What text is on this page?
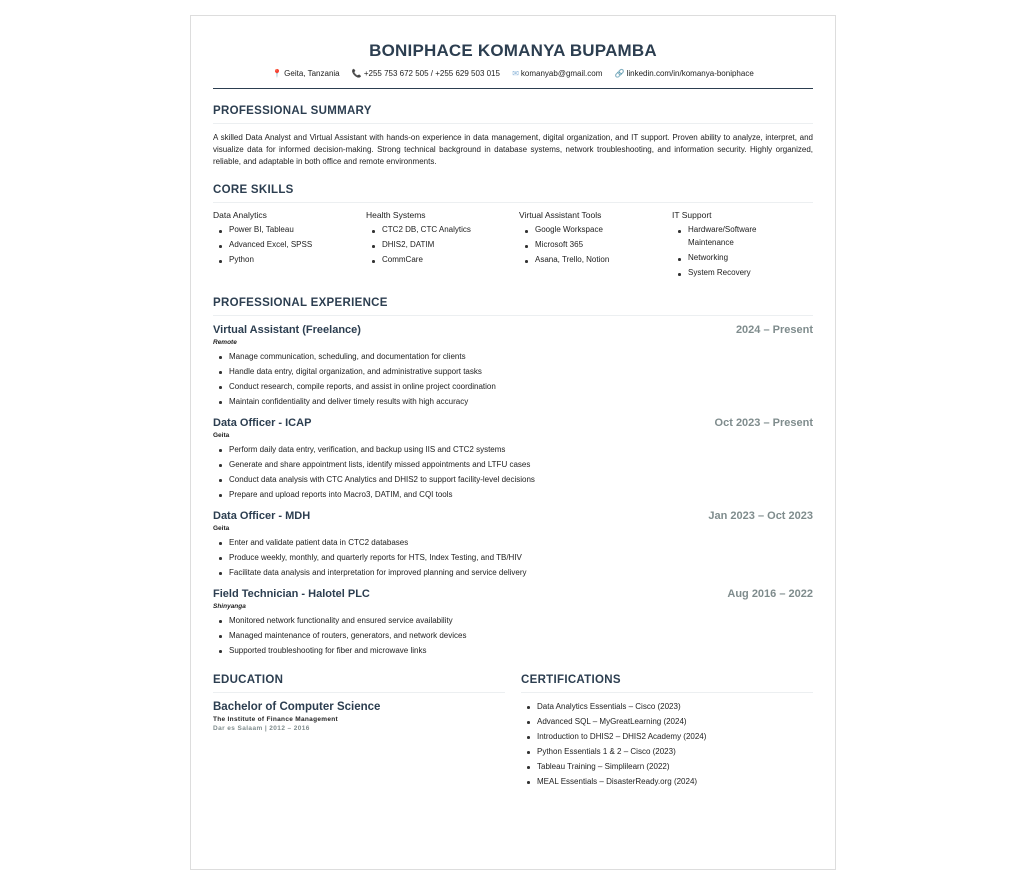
BONIPHACE KOMANYA BUPAMBA
📍 Geita, Tanzania 📞 +255 753 672 505 / +255 629 503 015 ✉ komanyab@gmail.com 🔗 linkedin.com/in/komanya-boniphace
PROFESSIONAL SUMMARY
A skilled Data Analyst and Virtual Assistant with hands-on experience in data management, digital organization, and IT support. Proven ability to analyze, interpret, and visualize data for informed decision-making. Strong technical background in database systems, network troubleshooting, and information security. Highly organized, reliable, and adaptable in both office and remote environments.
CORE SKILLS
Data Analytics
Power BI, Tableau
Advanced Excel, SPSS
Python
Health Systems
CTC2 DB, CTC Analytics
DHIS2, DATIM
CommCare
Virtual Assistant Tools
Google Workspace
Microsoft 365
Asana, Trello, Notion
IT Support
Hardware/Software Maintenance
Networking
System Recovery
PROFESSIONAL EXPERIENCE
Virtual Assistant (Freelance)	2024 – Present
Remote
Manage communication, scheduling, and documentation for clients
Handle data entry, digital organization, and administrative support tasks
Conduct research, compile reports, and assist in online project coordination
Maintain confidentiality and deliver timely results with high accuracy
Data Officer - ICAP	Oct 2023 – Present
Geita
Perform daily data entry, verification, and backup using IIS and CTC2 systems
Generate and share appointment lists, identify missed appointments and LTFU cases
Conduct data analysis with CTC Analytics and DHIS2 to support facility-level decisions
Prepare and upload reports into Macro3, DATIM, and CQI tools
Data Officer - MDH	Jan 2023 – Oct 2023
Geita
Enter and validate patient data in CTC2 databases
Produce weekly, monthly, and quarterly reports for HTS, Index Testing, and TB/HIV
Facilitate data analysis and interpretation for improved planning and service delivery
Field Technician - Halotel PLC	Aug 2016 – 2022
Shinyanga
Monitored network functionality and ensured service availability
Managed maintenance of routers, generators, and network devices
Supported troubleshooting for fiber and microwave links
EDUCATION
Bachelor of Computer Science
The Institute of Finance Management
Dar es Salaam | 2012 – 2016
CERTIFICATIONS
Data Analytics Essentials – Cisco (2023)
Advanced SQL – MyGreatLearning (2024)
Introduction to DHIS2 – DHIS2 Academy (2024)
Python Essentials 1 & 2 – Cisco (2023)
Tableau Training – Simplilearn (2022)
MEAL Essentials – DisasterReady.org (2024)
